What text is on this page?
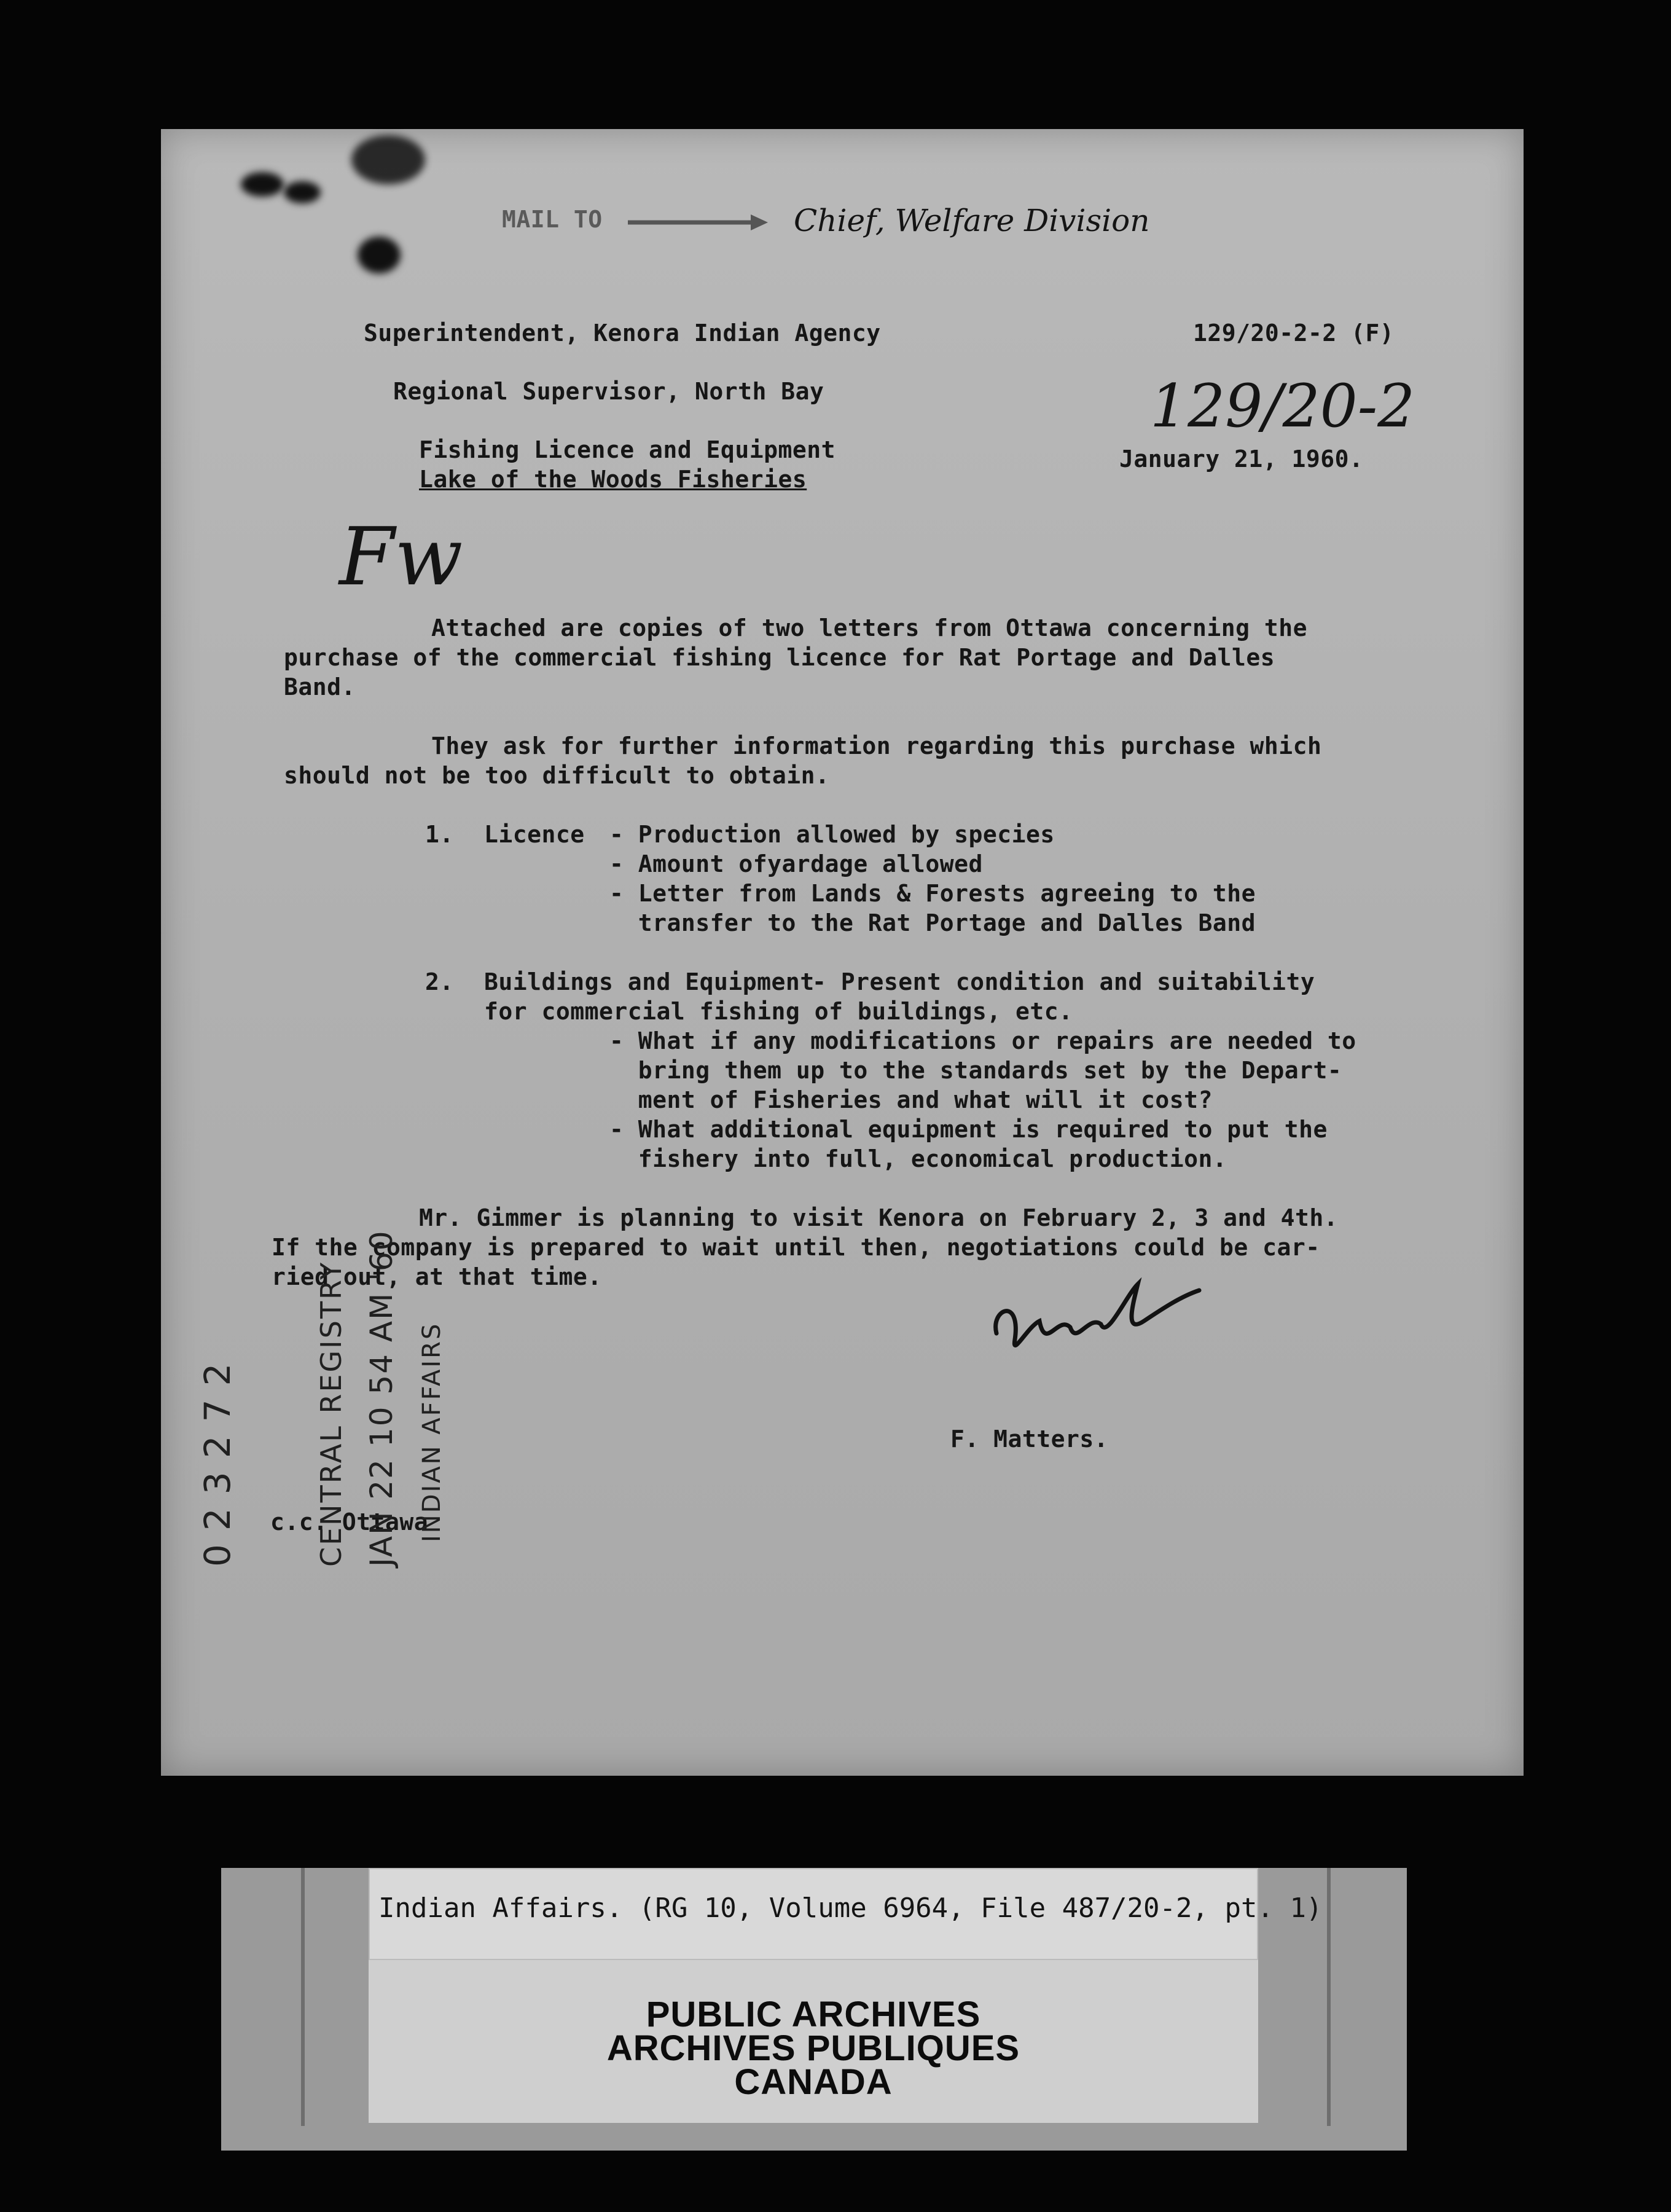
MAIL TO	Chief, Welfare Division
Superintendent, Kenora Indian Agency	129/20-2-2 (F)
Regional Supervisor, North Bay	129/20-2
Fishing Licence and Equipment
Lake of the Woods Fisheries
January 21, 1960.
Fw
Attached are copies of two letters from Ottawa concerning the
purchase of the commercial fishing licence for Rat Portage and Dalles
Band.
They ask for further information regarding this purchase which
should not be too difficult to obtain.
1. Licence - Production allowed by species
- Amount ofyardage allowed
- Letter from Lands & Forests agreeing to the
transfer to the Rat Portage and Dalles Band
2. Buildings and Equipment
- Present condition and suitability
for commercial fishing of buildings, etc.
- What if any modifications or repairs are needed to
bring them up to the standards set by the Depart-
ment of Fisheries and what will it cost?
- What additional equipment is required to put the
fishery into full, economical production.
Mr. Gimmer is planning to visit Kenora on February 2, 3 and 4th.
If the company is prepared to wait until then, negotiations could be car-
ried out, at that time.
F. Matters.
c.c. Ottawa
023272	CENTRAL REGISTRY JAN 22 10 54 AM '60 INDIAN AFFAIRS
Indian Affairs. (RG 10, Volume 6964, File 487/20-2, pt. 1)
PUBLIC ARCHIVES
ARCHIVES PUBLIQUES
CANADA
